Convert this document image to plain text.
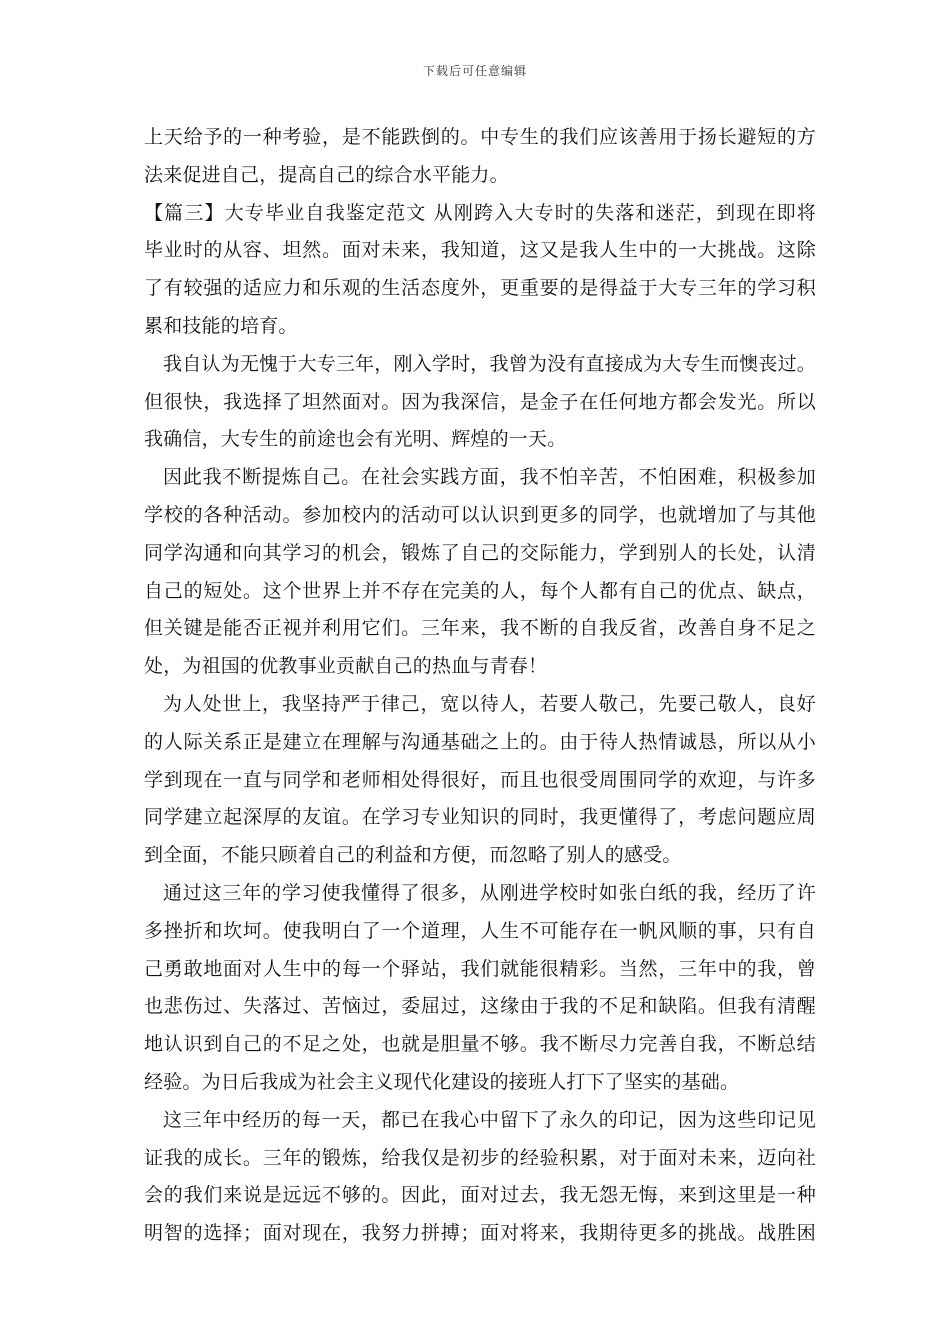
下载后可任意编辑
上天给予的一种考验，是不能跌倒的。中专生的我们应该善用于扬长避短的方
法来促进自己，提高自己的综合水平能力。
【篇三】大专毕业自我鉴定范文 从刚跨入大专时的失落和迷茫，到现在即将
毕业时的从容、坦然。面对未来，我知道，这又是我人生中的一大挑战。这除
了有较强的适应力和乐观的生活态度外，更重要的是得益于大专三年的学习积
累和技能的培育。
我自认为无愧于大专三年，刚入学时，我曾为没有直接成为大专生而懊丧过。
但很快，我选择了坦然面对。因为我深信，是金子在任何地方都会发光。所以
我确信，大专生的前途也会有光明、辉煌的一天。
因此我不断提炼自己。在社会实践方面，我不怕辛苦，不怕困难，积极参加
学校的各种活动。参加校内的活动可以认识到更多的同学，也就增加了与其他
同学沟通和向其学习的机会，锻炼了自己的交际能力，学到别人的长处，认清
自己的短处。这个世界上并不存在完美的人，每个人都有自己的优点、缺点，
但关键是能否正视并利用它们。三年来，我不断的自我反省，改善自身不足之
处，为祖国的优教事业贡献自己的热血与青春！
为人处世上，我坚持严于律己，宽以待人，若要人敬己，先要己敬人，良好
的人际关系正是建立在理解与沟通基础之上的。由于待人热情诚恳，所以从小
学到现在一直与同学和老师相处得很好，而且也很受周围同学的欢迎，与许多
同学建立起深厚的友谊。在学习专业知识的同时，我更懂得了，考虑问题应周
到全面，不能只顾着自己的利益和方便，而忽略了别人的感受。
通过这三年的学习使我懂得了很多，从刚进学校时如张白纸的我，经历了许
多挫折和坎坷。使我明白了一个道理，人生不可能存在一帆风顺的事，只有自
己勇敢地面对人生中的每一个驿站，我们就能很精彩。当然，三年中的我，曾
也悲伤过、失落过、苦恼过，委屈过，这缘由于我的不足和缺陷。但我有清醒
地认识到自己的不足之处，也就是胆量不够。我不断尽力完善自我，不断总结
经验。为日后我成为社会主义现代化建设的接班人打下了坚实的基础。
这三年中经历的每一天，都已在我心中留下了永久的印记，因为这些印记见
证我的成长。三年的锻炼，给我仅是初步的经验积累，对于面对未来，迈向社
会的我们来说是远远不够的。因此，面对过去，我无怨无悔，来到这里是一种
明智的选择；面对现在，我努力拼搏；面对将来，我期待更多的挑战。战胜困
